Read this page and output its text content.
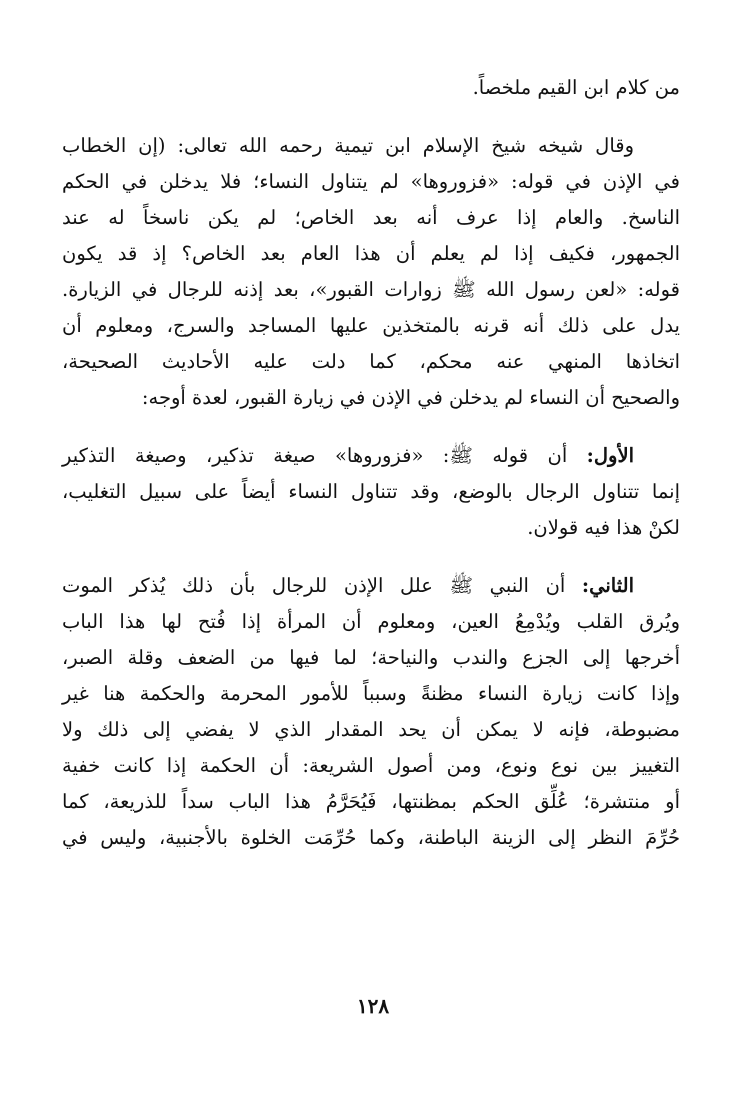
من كلام ابن القيم ملخصاً.
وقال شيخه شيخ الإسلام ابن تيمية رحمه الله تعالى: (إن الخطاب
في الإذن في قوله: «فزوروها» لم يتناول النساء؛ فلا يدخلن في الحكم
الناسخ. والعام إذا عرف أنه بعد الخاص؛ لم يكن ناسخاً له عند
الجمهور، فكيف إذا لم يعلم أن هذا العام بعد الخاص؟ إذ قد يكون
قوله: «لعن رسول الله ﷺ زوارات القبور»، بعد إذنه للرجال في الزيارة.
يدل على ذلك أنه قرنه بالمتخذين عليها المساجد والسرج، ومعلوم أن
اتخاذها المنهي عنه محكم، كما دلت عليه الأحاديث الصحيحة،
والصحيح أن النساء لم يدخلن في الإذن في زيارة القبور، لعدة أوجه:
الأول: أن قوله ﷺ: «فزوروها» صيغة تذكير، وصيغة التذكير
إنما تتناول الرجال بالوضع، وقد تتناول النساء أيضاً على سبيل التغليب،
لكنْ هذا فيه قولان.
الثاني: أن النبي ﷺ علل الإذن للرجال بأن ذلك يُذكر الموت
ويُرق القلب ويُدْمِعُ العين، ومعلوم أن المرأة إذا فُتح لها هذا الباب
أخرجها إلى الجزع والندب والنياحة؛ لما فيها من الضعف وقلة الصبر،
وإذا كانت زيارة النساء مظنةً وسبباً للأمور المحرمة والحكمة هنا غير
مضبوطة، فإنه لا يمكن أن يحد المقدار الذي لا يفضي إلى ذلك ولا
التغييز بين نوع ونوع، ومن أصول الشريعة: أن الحكمة إذا كانت خفية
أو منتشرة؛ عُلِّق الحكم بمظنتها، فَيُحَرَّمُ هذا الباب سداً للذريعة، كما
حُرِّمَ النظر إلى الزينة الباطنة، وكما حُرِّمَت الخلوة بالأجنبية، وليس في
١٢٨
